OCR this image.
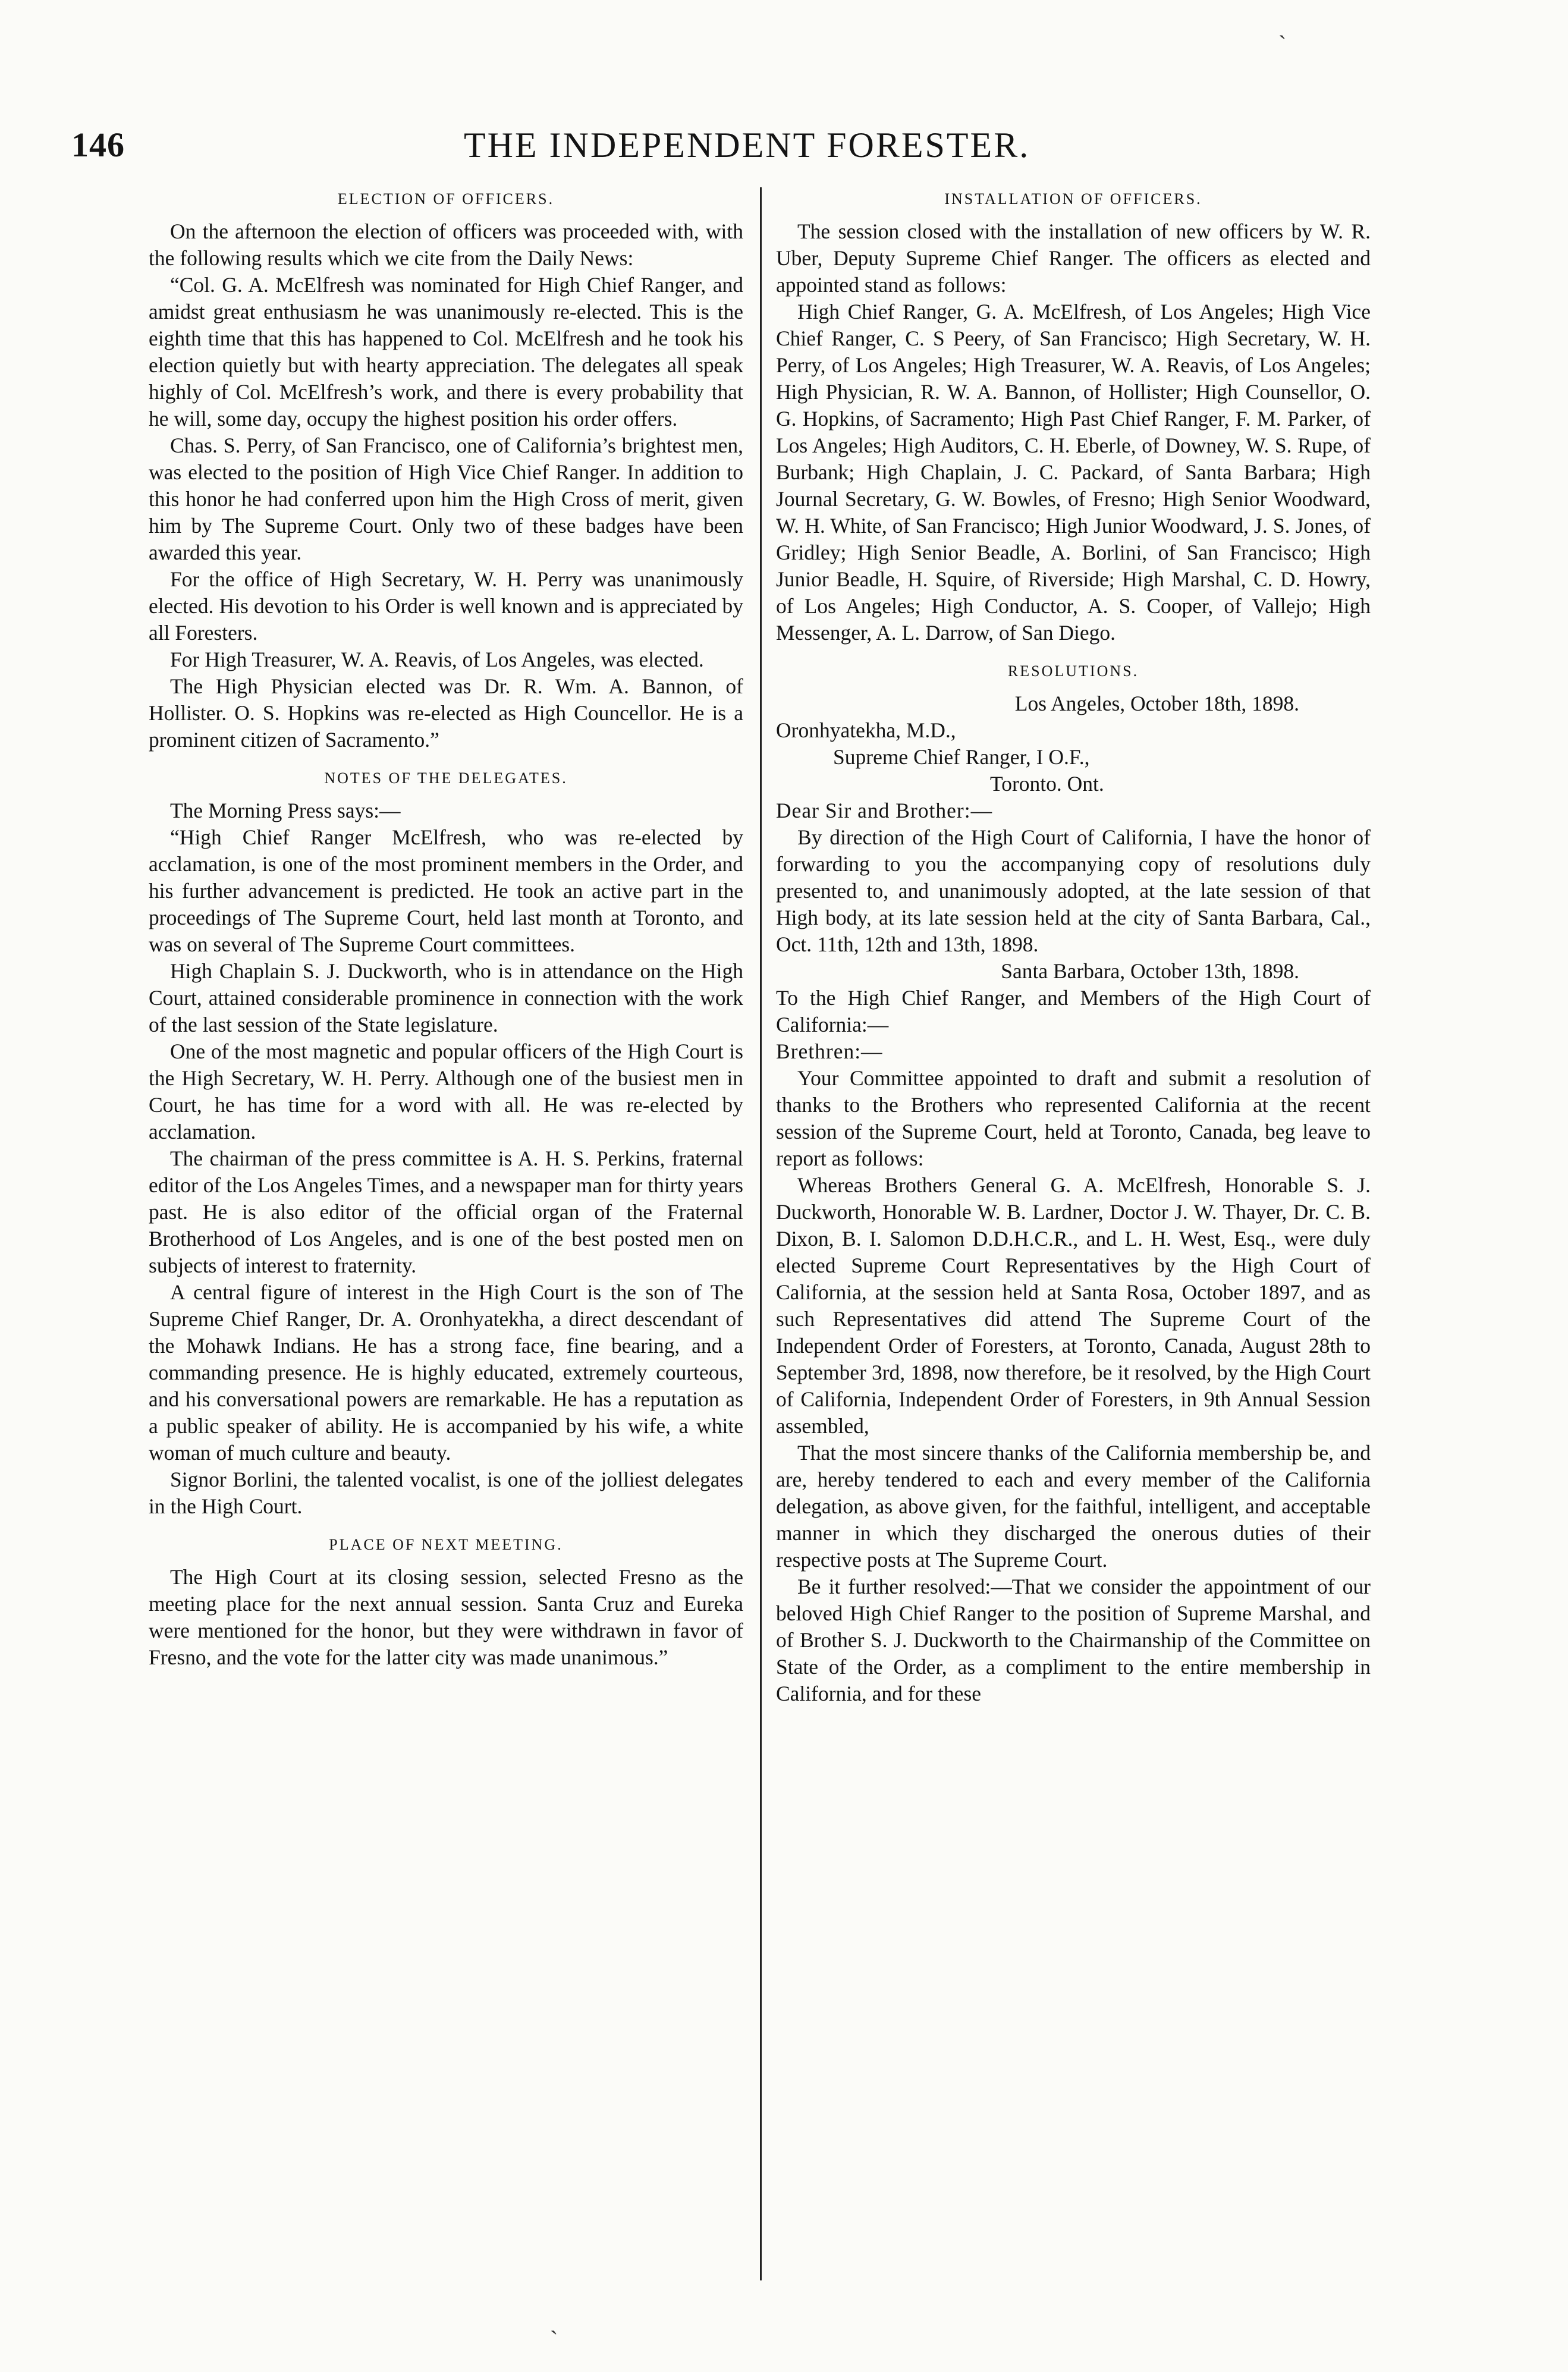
146	THE INDEPENDENT FORESTER.
ELECTION OF OFFICERS.

On the afternoon the election of officers was proceeded with, with the following results which we cite from the Daily News:

“Col. G. A. McElfresh was nominated for High Chief Ranger, and amidst great enthusiasm he was unanimously re-elected. This is the eighth time that this has happened to Col. McElfresh and he took his election quietly but with hearty appreciation. The delegates all speak highly of Col. McElfresh’s work, and there is every probability that he will, some day, occupy the highest position his order offers.

Chas. S. Perry, of San Francisco, one of California’s brightest men, was elected to the position of High Vice Chief Ranger. In addition to this honor he had conferred upon him the High Cross of merit, given him by The Supreme Court. Only two of these badges have been awarded this year.

For the office of High Secretary, W. H. Perry was unanimously elected. His devotion to his Order is well known and is appreciated by all Foresters.

For High Treasurer, W. A. Reavis, of Los Angeles, was elected.

The High Physician elected was Dr. R. Wm. A. Bannon, of Hollister. O. S. Hopkins was re-elected as High Councellor. He is a prominent citizen of Sacramento.”

NOTES OF THE DELEGATES.

The Morning Press says:—

“High Chief Ranger McElfresh, who was re-elected by acclamation, is one of the most prominent members in the Order, and his further advancement is predicted. He took an active part in the proceedings of The Supreme Court, held last month at Toronto, and was on several of The Supreme Court committees.

High Chaplain S. J. Duckworth, who is in attendance on the High Court, attained considerable prominence in connection with the work of the last session of the State legislature.

One of the most magnetic and popular officers of the High Court is the High Secretary, W. H. Perry. Although one of the busiest men in Court, he has time for a word with all. He was re-elected by acclamation.

The chairman of the press committee is A. H. S. Perkins, fraternal editor of the Los Angeles Times, and a newspaper man for thirty years past. He is also editor of the official organ of the Fraternal Brotherhood of Los Angeles, and is one of the best posted men on subjects of interest to fraternity.

A central figure of interest in the High Court is the son of The Supreme Chief Ranger, Dr. A. Oronhyatekha, a direct descendant of the Mohawk Indians. He has a strong face, fine bearing, and a commanding presence. He is highly educated, extremely courteous, and his conversational powers are remarkable. He has a reputation as a public speaker of ability. He is accompanied by his wife, a white woman of much culture and beauty.

Signor Borlini, the talented vocalist, is one of the jolliest delegates in the High Court.

PLACE OF NEXT MEETING.

The High Court at its closing session, selected Fresno as the meeting place for the next annual session. Santa Cruz and Eureka were mentioned for the honor, but they were withdrawn in favor of Fresno, and the vote for the latter city was made unanimous.”

INSTALLATION OF OFFICERS.

The session closed with the installation of new officers by W. R. Uber, Deputy Supreme Chief Ranger. The officers as elected and appointed stand as follows:

High Chief Ranger, G. A. McElfresh, of Los Angeles; High Vice Chief Ranger, C. S Peery, of San Francisco; High Secretary, W. H. Perry, of Los Angeles; High Treasurer, W. A. Reavis, of Los Angeles; High Physician, R. W. A. Bannon, of Hollister; High Counsellor, O. G. Hopkins, of Sacramento; High Past Chief Ranger, F. M. Parker, of Los Angeles; High Auditors, C. H. Eberle, of Downey, W. S. Rupe, of Burbank; High Chaplain, J. C. Packard, of Santa Barbara; High Journal Secretary, G. W. Bowles, of Fresno; High Senior Woodward, W. H. White, of San Francisco; High Junior Woodward, J. S. Jones, of Gridley; High Senior Beadle, A. Borlini, of San Francisco; High Junior Beadle, H. Squire, of Riverside; High Marshal, C. D. Howry, of Los Angeles; High Conductor, A. S. Cooper, of Vallejo; High Messenger, A. L. Darrow, of San Diego.

RESOLUTIONS.

Los Angeles, October 18th, 1898.

Oronhyatekha, M.D.,

Supreme Chief Ranger, I O.F.,

Toronto. Ont.

Dear Sir and Brother:—

By direction of the High Court of California, I have the honor of forwarding to you the accompanying copy of resolutions duly presented to, and unanimously adopted, at the late session of that High body, at its late session held at the city of Santa Barbara, Cal., Oct. 11th, 12th and 13th, 1898.

Santa Barbara, October 13th, 1898.

To the High Chief Ranger, and Members of the High Court of California:—

Brethren:—

Your Committee appointed to draft and submit a resolution of thanks to the Brothers who represented California at the recent session of the Supreme Court, held at Toronto, Canada, beg leave to report as follows:

Whereas Brothers General G. A. McElfresh, Honorable S. J. Duckworth, Honorable W. B. Lardner, Doctor J. W. Thayer, Dr. C. B. Dixon, B. I. Salomon D.D.H.C.R., and L. H. West, Esq., were duly elected Supreme Court Representatives by the High Court of California, at the session held at Santa Rosa, October 1897, and as such Representatives did attend The Supreme Court of the Independent Order of Foresters, at Toronto, Canada, August 28th to September 3rd, 1898, now therefore, be it resolved, by the High Court of California, Independent Order of Foresters, in 9th Annual Session assembled,

That the most sincere thanks of the California membership be, and are, hereby tendered to each and every member of the California delegation, as above given, for the faithful, intelligent, and acceptable manner in which they discharged the onerous duties of their respective posts at The Supreme Court.

Be it further resolved:—That we consider the appointment of our beloved High Chief Ranger to the position of Supreme Marshal, and of Brother S. J. Duckworth to the Chairmanship of the Committee on State of the Order, as a compliment to the entire membership in California, and for these

ˎ
ˎ
